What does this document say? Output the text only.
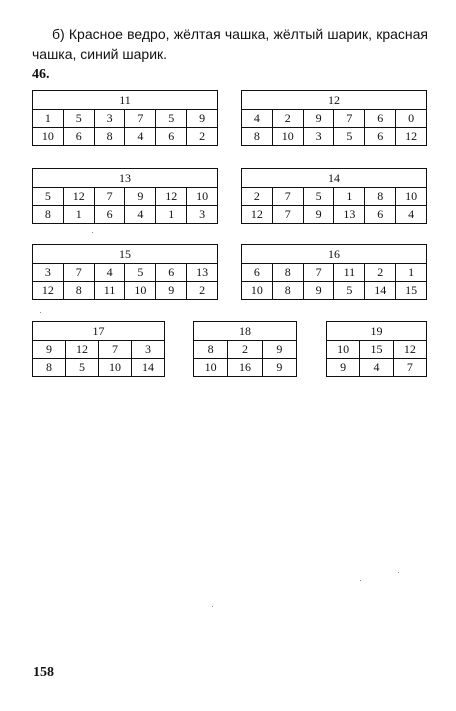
б) Красное ведро, жёлтая чашка, жёлтый шарик, красная

чашка, синий шарик.

46.
11					
1	5	3	7	5	9
10	6	8	4	6	2
12					
4	2	9	7	6	0
8	10	3	5	6	12
13					
5	12	7	9	12	10
8	1	6	4	1	3
14					
2	7	5	1	8	10
12	7	9	13	6	4
15					
3	7	4	5	6	13
12	8	11	10	9	2
16					
6	8	7	11	2	1
10	8	9	5	14	15
17			
9	12	7	3
8	5	10	14
18		
8	2	9
10	16	9
19		
10	15	12
9	4	7
158
